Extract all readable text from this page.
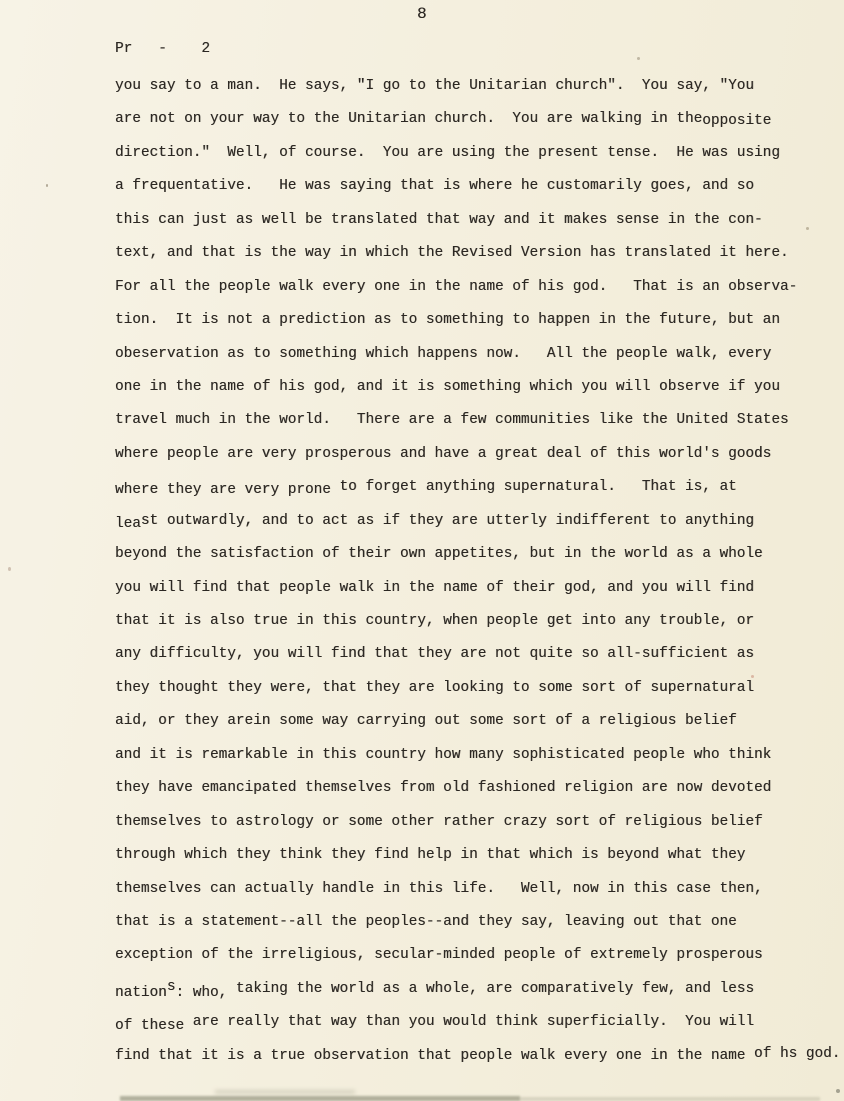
8
Pr   -    2
you say to a man.  He says, "I go to the Unitarian church".  You say, "You
are not on your way to the Unitarian church.  You are walking in theopposite
direction."  Well, of course.  You are using the present tense.  He was using
a frequentative.   He was saying that is where he customarily goes, and so
this can just as well be translated that way and it makes sense in the con-
text, and that is the way in which the Revised Version has translated it here.
For all the people walk every one in the name of his god.   That is an observa-
tion.  It is not a prediction as to something to happen in the future, but an
obeservation as to something which happens now.   All the people walk, every
one in the name of his god, and it is something which you will observe if you
travel much in the world.   There are a few communities like the United States
where people are very prosperous and have a great deal of this world's goods
where they are very prone to forget anything supernatural.   That is, at
least outwardly, and to act as if they are utterly indifferent to anything
beyond the satisfaction of their own appetites, but in the world as a whole
you will find that people walk in the name of their god, and you will find
that it is also true in this country, when people get into any trouble, or
any difficulty, you will find that they are not quite so all-sufficient as
they thought they were, that they are looking to some sort of supernatural
aid, or they arein some way carrying out some sort of a religious belief
and it is remarkable in this country how many sophisticated people who think
they have emancipated themselves from old fashioned religion are now devoted
themselves to astrology or some other rather crazy sort of religious belief
through which they think they find help in that which is beyond what they
themselves can actually handle in this life.   Well, now in this case then,
that is a statement--all the peoples--and they say, leaving out that one
exception of the irreligious, secular-minded people of extremely prosperous
nations: who, taking the world as a whole, are comparatively few, and less
of these are really that way than you would think superficially.  You will
find that it is a true observation that people walk every one in the name of hs god.
